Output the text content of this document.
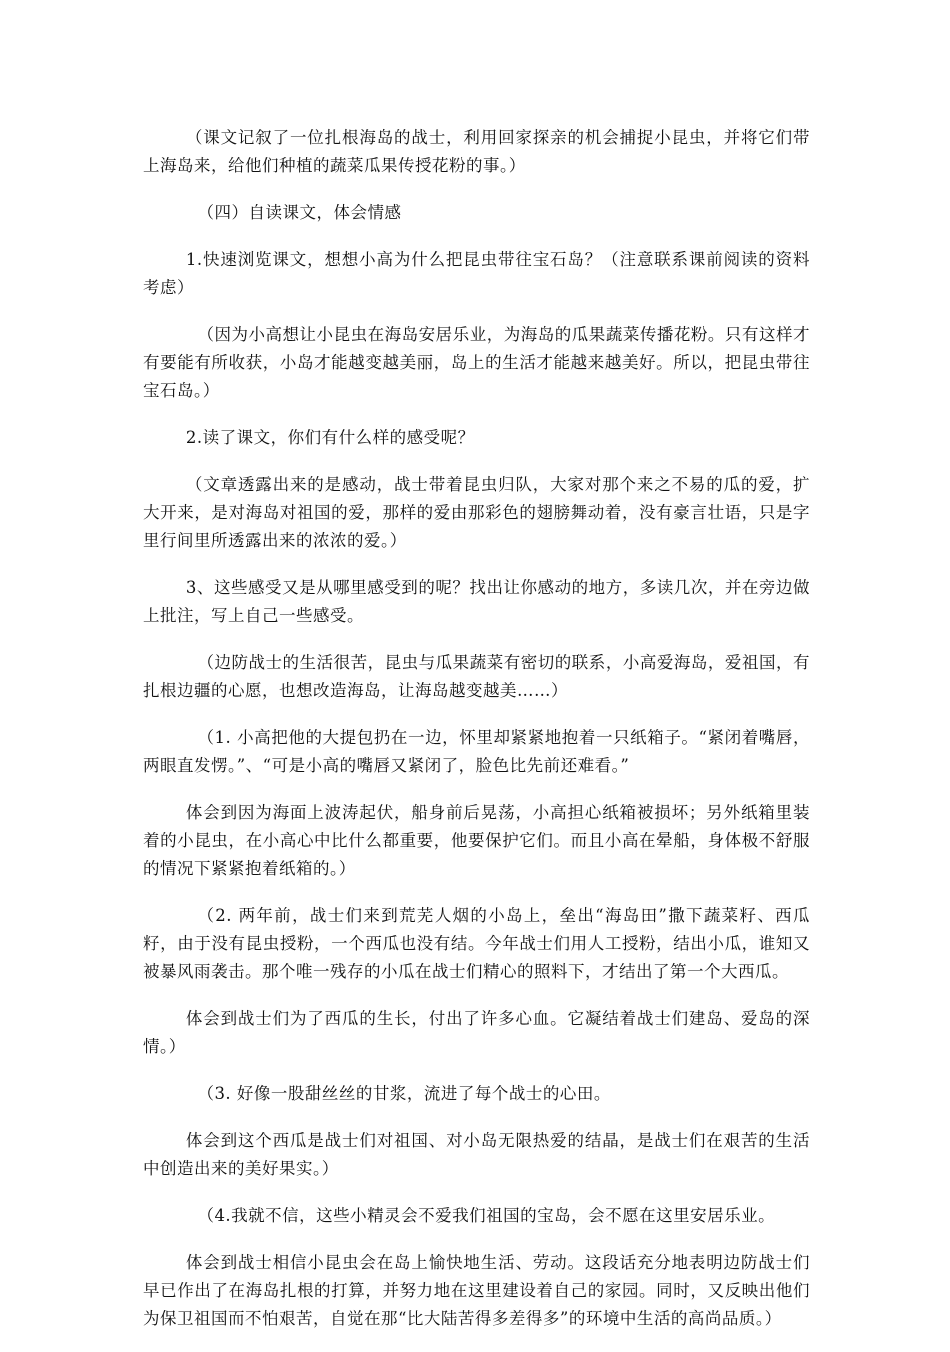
（课文记叙了一位扎根海岛的战士，利用回家探亲的机会捕捉小昆虫，并将它们带上海岛来，给他们种植的蔬菜瓜果传授花粉的事。）

（四）自读课文，体会情感

1.快速浏览课文，想想小高为什么把昆虫带往宝石岛？（注意联系课前阅读的资料考虑）

（因为小高想让小昆虫在海岛安居乐业，为海岛的瓜果蔬菜传播花粉。只有这样才有要能有所收获，小岛才能越变越美丽，岛上的生活才能越来越美好。所以，把昆虫带往宝石岛。）

2.读了课文，你们有什么样的感受呢？

（文章透露出来的是感动，战士带着昆虫归队，大家对那个来之不易的瓜的爱，扩大开来，是对海岛对祖国的爱，那样的爱由那彩色的翅膀舞动着，没有豪言壮语，只是字里行间里所透露出来的浓浓的爱。）

3、这些感受又是从哪里感受到的呢？找出让你感动的地方，多读几次，并在旁边做上批注，写上自己一些感受。

（边防战士的生活很苦，昆虫与瓜果蔬菜有密切的联系，小高爱海岛，爱祖国，有扎根边疆的心愿，也想改造海岛，让海岛越变越美……）

（1. 小高把他的大提包扔在一边，怀里却紧紧地抱着一只纸箱子。“紧闭着嘴唇，两眼直发愣。”、“可是小高的嘴唇又紧闭了，脸色比先前还难看。”

体会到因为海面上波涛起伏，船身前后晃荡，小高担心纸箱被损坏；另外纸箱里装着的小昆虫，在小高心中比什么都重要，他要保护它们。而且小高在晕船，身体极不舒服的情况下紧紧抱着纸箱的。）

（2. 两年前，战士们来到荒芜人烟的小岛上，垒出“海岛田”撒下蔬菜籽、西瓜籽，由于没有昆虫授粉，一个西瓜也没有结。今年战士们用人工授粉，结出小瓜，谁知又被暴风雨袭击。那个唯一残存的小瓜在战士们精心的照料下，才结出了第一个大西瓜。

体会到战士们为了西瓜的生长，付出了许多心血。它凝结着战士们建岛、爱岛的深情。）

（3. 好像一股甜丝丝的甘浆，流进了每个战士的心田。

体会到这个西瓜是战士们对祖国、对小岛无限热爱的结晶，是战士们在艰苦的生活中创造出来的美好果实。）

（4.我就不信，这些小精灵会不爱我们祖国的宝岛，会不愿在这里安居乐业。

体会到战士相信小昆虫会在岛上愉快地生活、劳动。这段话充分地表明边防战士们早已作出了在海岛扎根的打算，并努力地在这里建设着自己的家园。同时，又反映出他们为保卫祖国而不怕艰苦，自觉在那“比大陆苦得多差得多”的环境中生活的高尚品质。）
